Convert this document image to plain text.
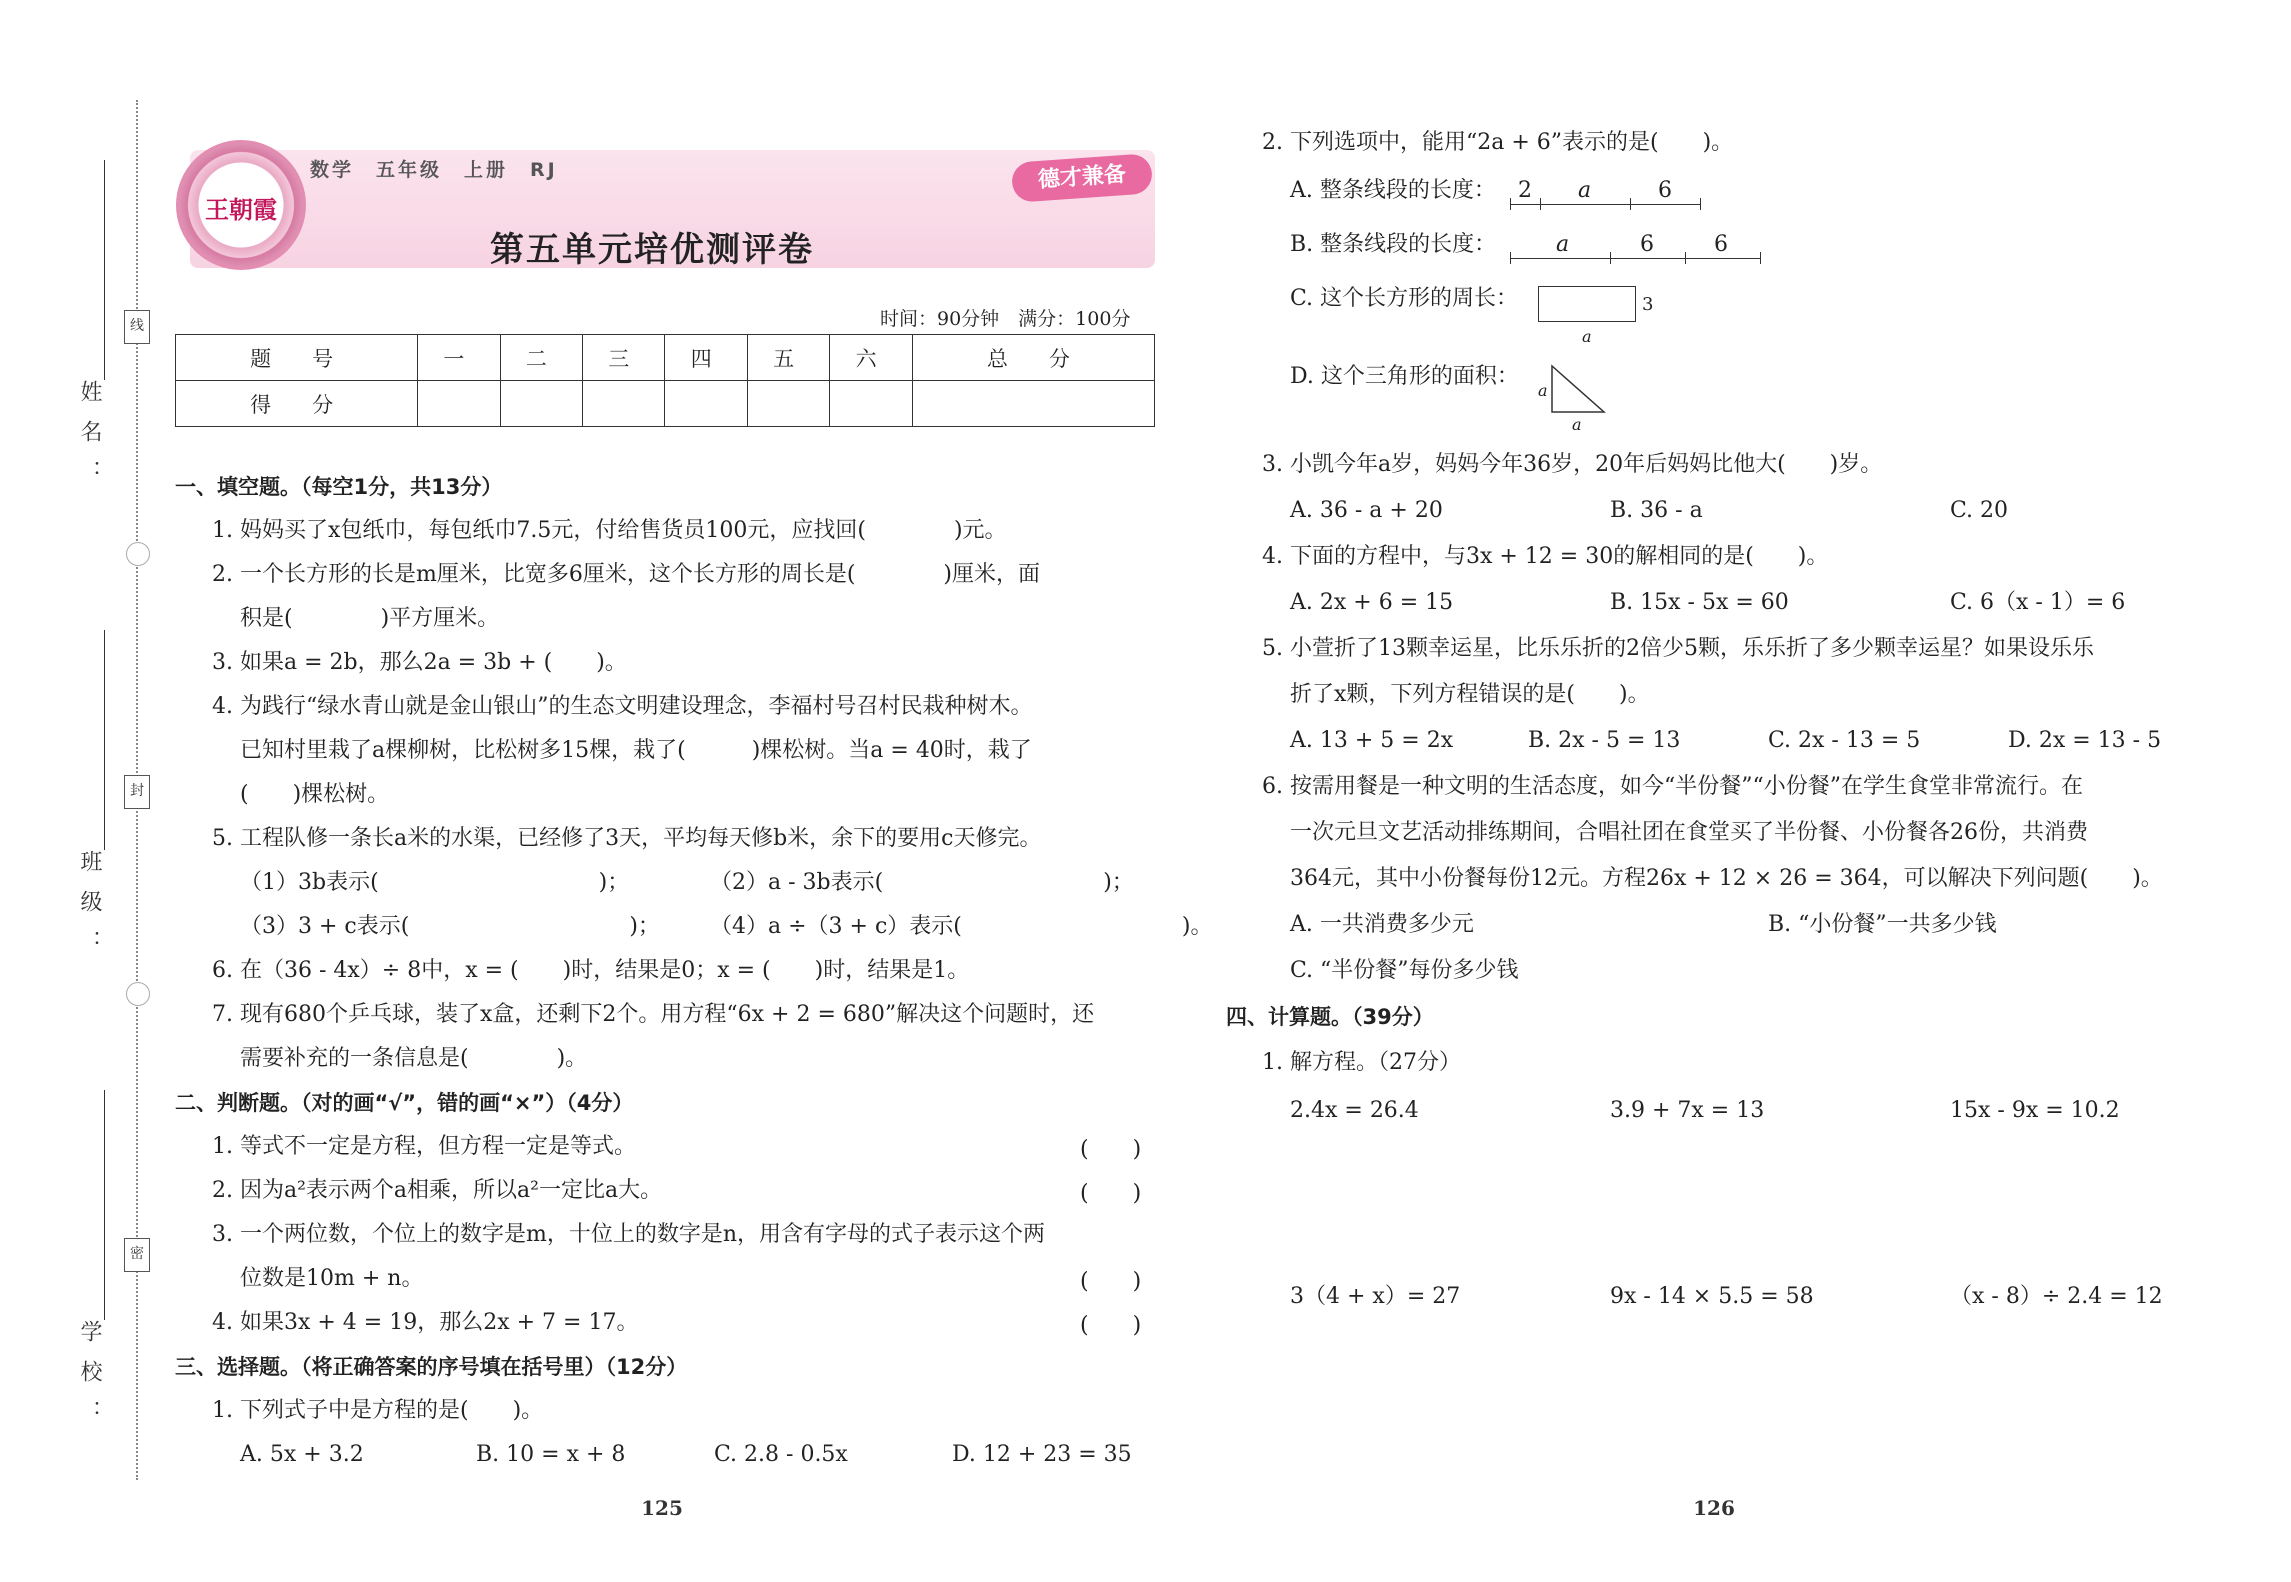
姓名：
班级：
学校：
线
封
密
王朝霞
数学　五年级　上册　RJ
第五单元培优测评卷
德才兼备
时间：90分钟　满分：100分
题　号	一	二	三	四	五	六	总　分
得　分							
一、填空题。（每空1分，共13分）
1. 妈妈买了x包纸巾，每包纸巾7.5元，付给售货员100元，应找回(　　　　)元。
2. 一个长方形的长是m厘米，比宽多6厘米，这个长方形的周长是(　　　　)厘米，面
积是(　　　　)平方厘米。
3. 如果a = 2b，那么2a = 3b + (　　)。
4. 为践行“绿水青山就是金山银山”的生态文明建设理念，李福村号召村民栽种树木。
已知村里栽了a棵柳树，比松树多15棵，栽了(　　　)棵松树。当a = 40时，栽了
(　　)棵松树。
5. 工程队修一条长a米的水渠，已经修了3天，平均每天修b米，余下的要用c天修完。
（1）3b表示(　　　　　　　　　　)；	（2）a - 3b表示(　　　　　　　　　　)；
（3）3 + c表示(　　　　　　　　　　)； （4）a ÷（3 + c）表示(　　　　　　　　　　)。
6. 在（36 - 4x）÷ 8中，x = (　　)时，结果是0；x = (　　)时，结果是1。
7. 现有680个乒乓球，装了x盒，还剩下2个。用方程“6x + 2 = 680”解决这个问题时，还
需要补充的一条信息是(　　　　)。
二、判断题。（对的画“√”，错的画“×”）（4分）
1. 等式不一定是方程，但方程一定是等式。	(　　)
2. 因为a²表示两个a相乘，所以a²一定比a大。	(　　)
3. 一个两位数，个位上的数字是m，十位上的数字是n，用含有字母的式子表示这个两
位数是10m + n。	(　　)
4. 如果3x + 4 = 19，那么2x + 7 = 17。	(　　)
三、选择题。（将正确答案的序号填在括号里）（12分）
1. 下列式子中是方程的是(　　)。
A. 5x + 3.2	B. 10 = x + 8	C. 2.8 - 0.5x	D. 12 + 23 = 35
125
2. 下列选项中，能用“2a + 6”表示的是(　　)。
A. 整条线段的长度： 2 a	6
B. 整条线段的长度：	a	6	6
C. 这个长方形的周长：	3
a
D. 这个三角形的面积：
a
a
3. 小凯今年a岁，妈妈今年36岁，20年后妈妈比他大(　　)岁。
A. 36 - a + 20	B. 36 - a	C. 20
4. 下面的方程中，与3x + 12 = 30的解相同的是(　　)。
A. 2x + 6 = 15	B. 15x - 5x = 60	C. 6（x - 1）= 6
5. 小萱折了13颗幸运星，比乐乐折的2倍少5颗，乐乐折了多少颗幸运星？如果设乐乐
折了x颗，下列方程错误的是(　　)。
A. 13 + 5 = 2x	B. 2x - 5 = 13	C. 2x - 13 = 5	D. 2x = 13 - 5
6. 按需用餐是一种文明的生活态度，如今“半份餐”“小份餐”在学生食堂非常流行。在
一次元旦文艺活动排练期间，合唱社团在食堂买了半份餐、小份餐各26份，共消费
364元，其中小份餐每份12元。方程26x + 12 × 26 = 364，可以解决下列问题(　　)。
A. 一共消费多少元	B. “小份餐”一共多少钱
C. “半份餐”每份多少钱
四、计算题。（39分）
1. 解方程。（27分）
2.4x = 26.4	3.9 + 7x = 13	15x - 9x = 10.2
3（4 + x）= 27	9x - 14 × 5.5 = 58	（x - 8）÷ 2.4 = 12
126
